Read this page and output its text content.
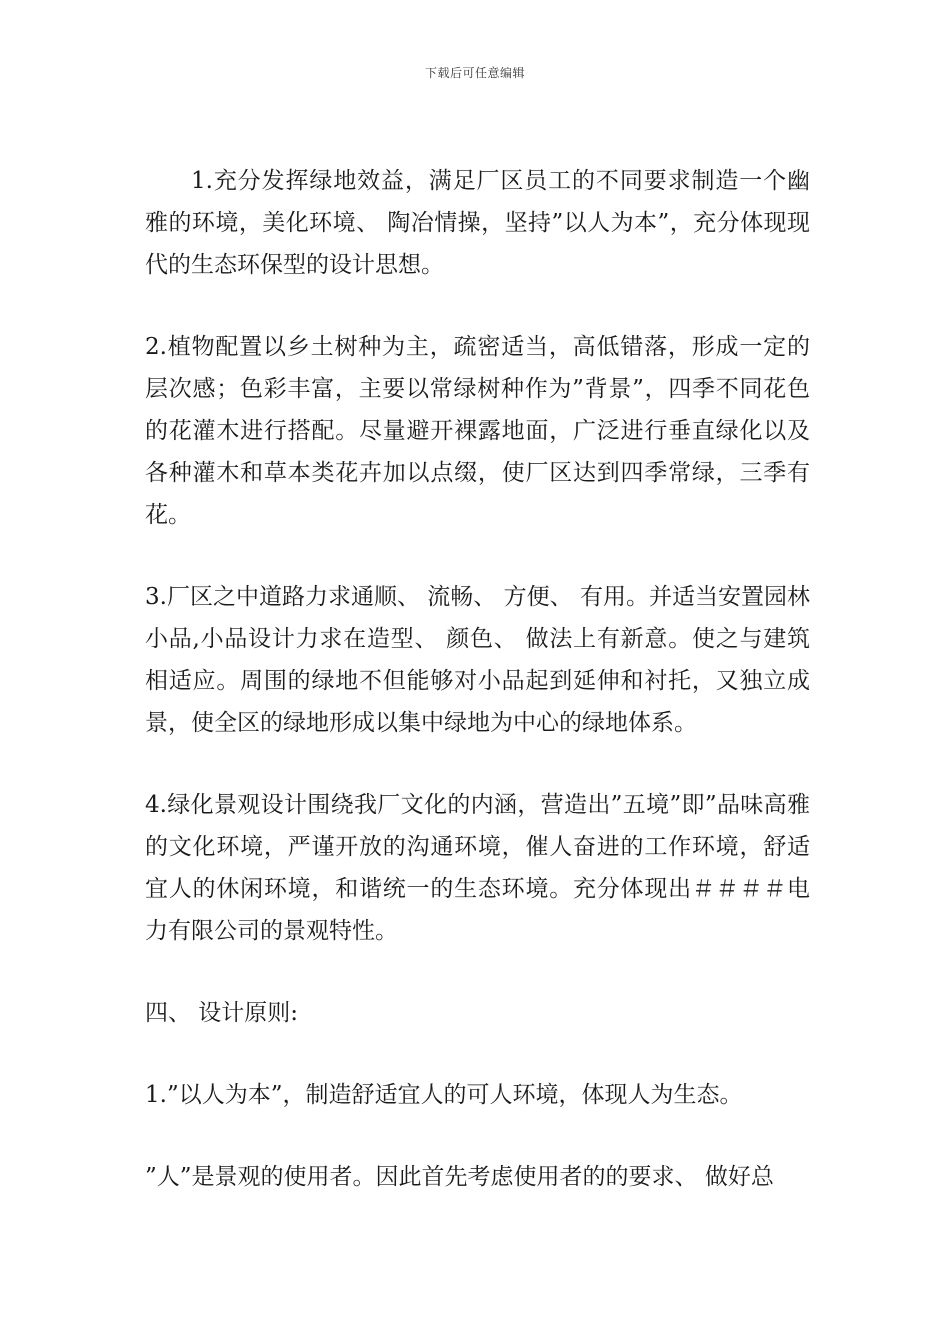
下载后可任意编辑

1.充分发挥绿地效益，满足厂区员工的不同要求制造一个幽雅的环境，美化环境、 陶冶情操，坚持”以人为本”，充分体现现代的生态环保型的设计思想。

2.植物配置以乡土树种为主，疏密适当，高低错落，形成一定的层次感；色彩丰富，主要以常绿树种作为”背景”，四季不同花色的花灌木进行搭配。尽量避开裸露地面，广泛进行垂直绿化以及各种灌木和草本类花卉加以点缀，使厂区达到四季常绿，三季有花。

3.厂区之中道路力求通顺、 流畅、 方便、 有用。并适当安置园林小品,小品设计力求在造型、 颜色、 做法上有新意。使之与建筑相适应。周围的绿地不但能够对小品起到延伸和衬托，又独立成景，使全区的绿地形成以集中绿地为中心的绿地体系。

4.绿化景观设计围绕我厂文化的内涵，营造出”五境”即”品味高雅的文化环境，严谨开放的沟通环境，催人奋进的工作环境，舒适宜人的休闲环境，和谐统一的生态环境。充分体现出＃＃＃＃电力有限公司的景观特性。

四、 设计原则:

1.”以人为本”，制造舒适宜人的可人环境，体现人为生态。

”人”是景观的使用者。因此首先考虑使用者的的要求、 做好总
